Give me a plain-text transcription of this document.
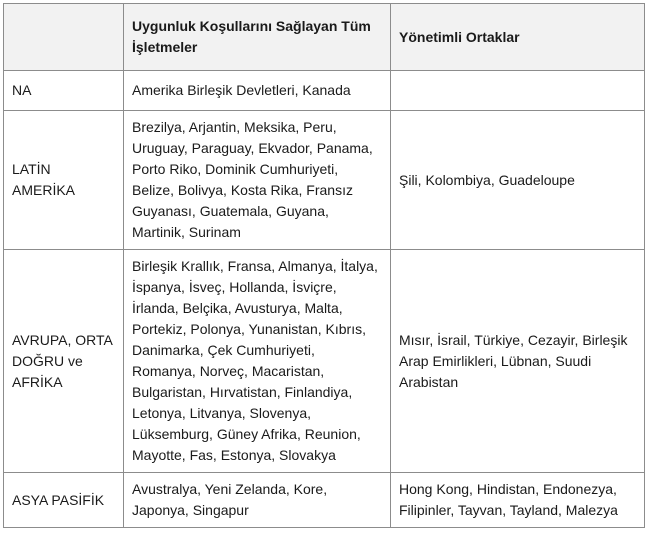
	Uygunluk Koşullarını Sağlayan Tüm İşletmeler	Yönetimli Ortaklar
NA	Amerika Birleşik Devletleri, Kanada	
LATİN AMERİKA	Brezilya, Arjantin, Meksika, Peru, Uruguay, Paraguay, Ekvador, Panama, Porto Riko, Dominik Cumhuriyeti, Belize, Bolivya, Kosta Rika, Fransız Guyanası, Guatemala, Guyana, Martinik, Surinam	Şili, Kolombiya, Guadeloupe
AVRUPA, ORTA DOĞRU ve AFRİKA	Birleşik Krallık, Fransa, Almanya, İtalya, İspanya, İsveç, Hollanda, İsviçre, İrlanda, Belçika, Avusturya, Malta, Portekiz, Polonya, Yunanistan, Kıbrıs, Danimarka, Çek Cumhuriyeti, Romanya, Norveç, Macaristan, Bulgaristan, Hırvatistan, Finlandiya, Letonya, Litvanya, Slovenya, Lüksemburg, Güney Afrika, Reunion, Mayotte, Fas, Estonya, Slovakya	Mısır, İsrail, Türkiye, Cezayir, Birleşik Arap Emirlikleri, Lübnan, Suudi Arabistan
ASYA PASİFİK	Avustralya, Yeni Zelanda, Kore, Japonya, Singapur	Hong Kong, Hindistan, Endonezya, Filipinler, Tayvan, Tayland, Malezya
